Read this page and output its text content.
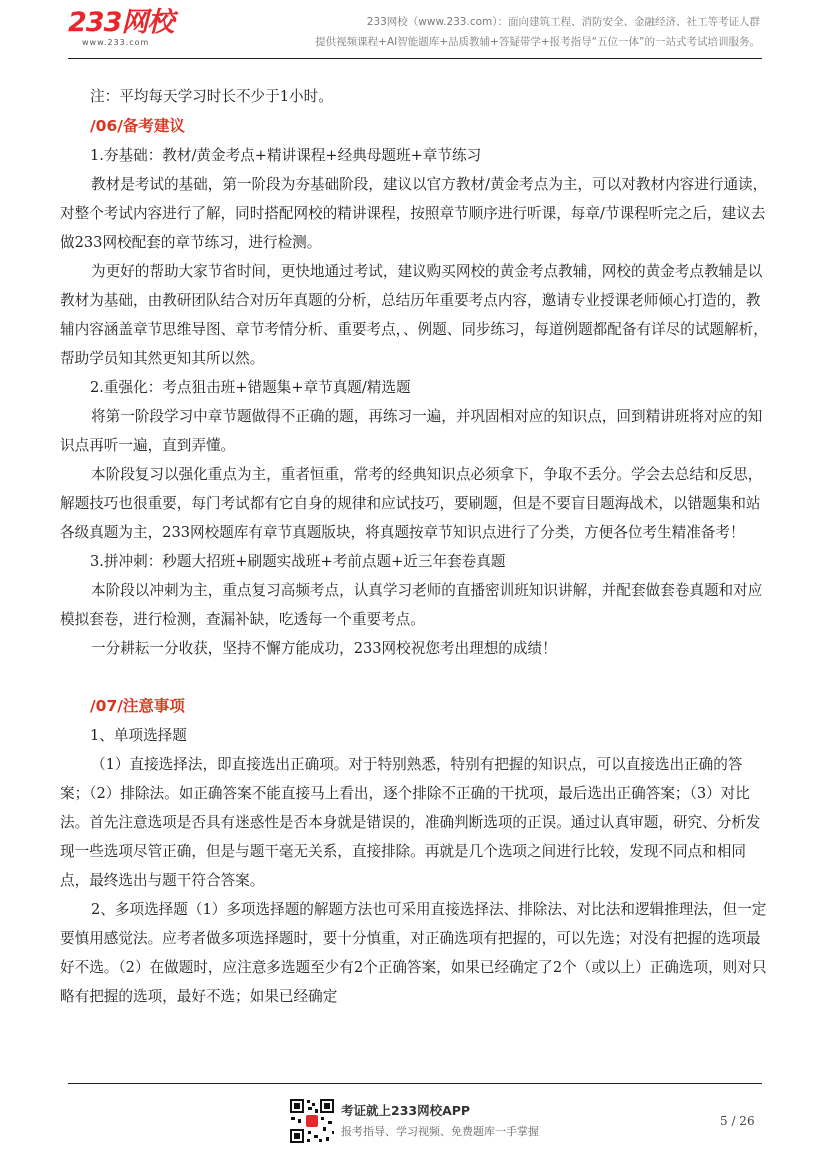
233网校
www.233.com
233网校（www.233.com）：面向建筑工程、消防安全、金融经济、社工等考证人群
提供视频课程+AI智能题库+品质教辅+答疑带学+报考指导“五位一体”的一站式考试培训服务。

注：平均每天学习时长不少于1小时。

/06/备考建议

1.夯基础：教材/黄金考点+精讲课程+经典母题班+章节练习

教材是考试的基础，第一阶段为夯基础阶段，建议以官方教材/黄金考点为主，可以对教材内容进行通读，对整个考试内容进行了解，同时搭配网校的精讲课程，按照章节顺序进行听课，每章/节课程听完之后，建议去做233网校配套的章节练习，进行检测。

为更好的帮助大家节省时间，更快地通过考试，建议购买网校的黄金考点教辅，网校的黄金考点教辅是以教材为基础，由教研团队结合对历年真题的分析，总结历年重要考点内容，邀请专业授课老师倾心打造的，教辅内容涵盖章节思维导图、章节考情分析、重要考点，、例题、同步练习，每道例题都配备有详尽的试题解析，帮助学员知其然更知其所以然。

2.重强化：考点狙击班+错题集+章节真题/精选题

将第一阶段学习中章节题做得不正确的题，再练习一遍，并巩固相对应的知识点，回到精讲班将对应的知识点再听一遍，直到弄懂。

本阶段复习以强化重点为主，重者恒重，常考的经典知识点必须拿下，争取不丢分。学会去总结和反思，解题技巧也很重要，每门考试都有它自身的规律和应试技巧，要刷题，但是不要盲目题海战术，以错题集和站各级真题为主，233网校题库有章节真题版块，将真题按章节知识点进行了分类，方便各位考生精准备考！

3.拼冲刺：秒题大招班+刷题实战班+考前点题+近三年套卷真题

本阶段以冲刺为主，重点复习高频考点，认真学习老师的直播密训班知识讲解，并配套做套卷真题和对应模拟套卷，进行检测，查漏补缺，吃透每一个重要考点。

一分耕耘一分收获，坚持不懈方能成功，233网校祝您考出理想的成绩！

/07/注意事项

1、单项选择题

（1）直接选择法，即直接选出正确项。对于特别熟悉，特别有把握的知识点，可以直接选出正确的答案；（2）排除法。如正确答案不能直接马上看出，逐个排除不正确的干扰项，最后选出正确答案；（3）对比法。首先注意选项是否具有迷惑性是否本身就是错误的，准确判断选项的正误。通过认真审题，研究、分析发现一些选项尽管正确，但是与题干毫无关系，直接排除。再就是几个选项之间进行比较，发现不同点和相同点，最终选出与题干符合答案。

2、多项选择题（1）多项选择题的解题方法也可采用直接选择法、排除法、对比法和逻辑推理法，但一定要慎用感觉法。应考者做多项选择题时，要十分慎重，对正确选项有把握的，可以先选；对没有把握的选项最好不选。（2）在做题时，应注意多选题至少有2个正确答案，如果已经确定了2个（或以上）正确选项，则对只略有把握的选项，最好不选；如果已经确定

考证就上233网校APP
报考指导、学习视频、免费题库一手掌握
5 / 26
